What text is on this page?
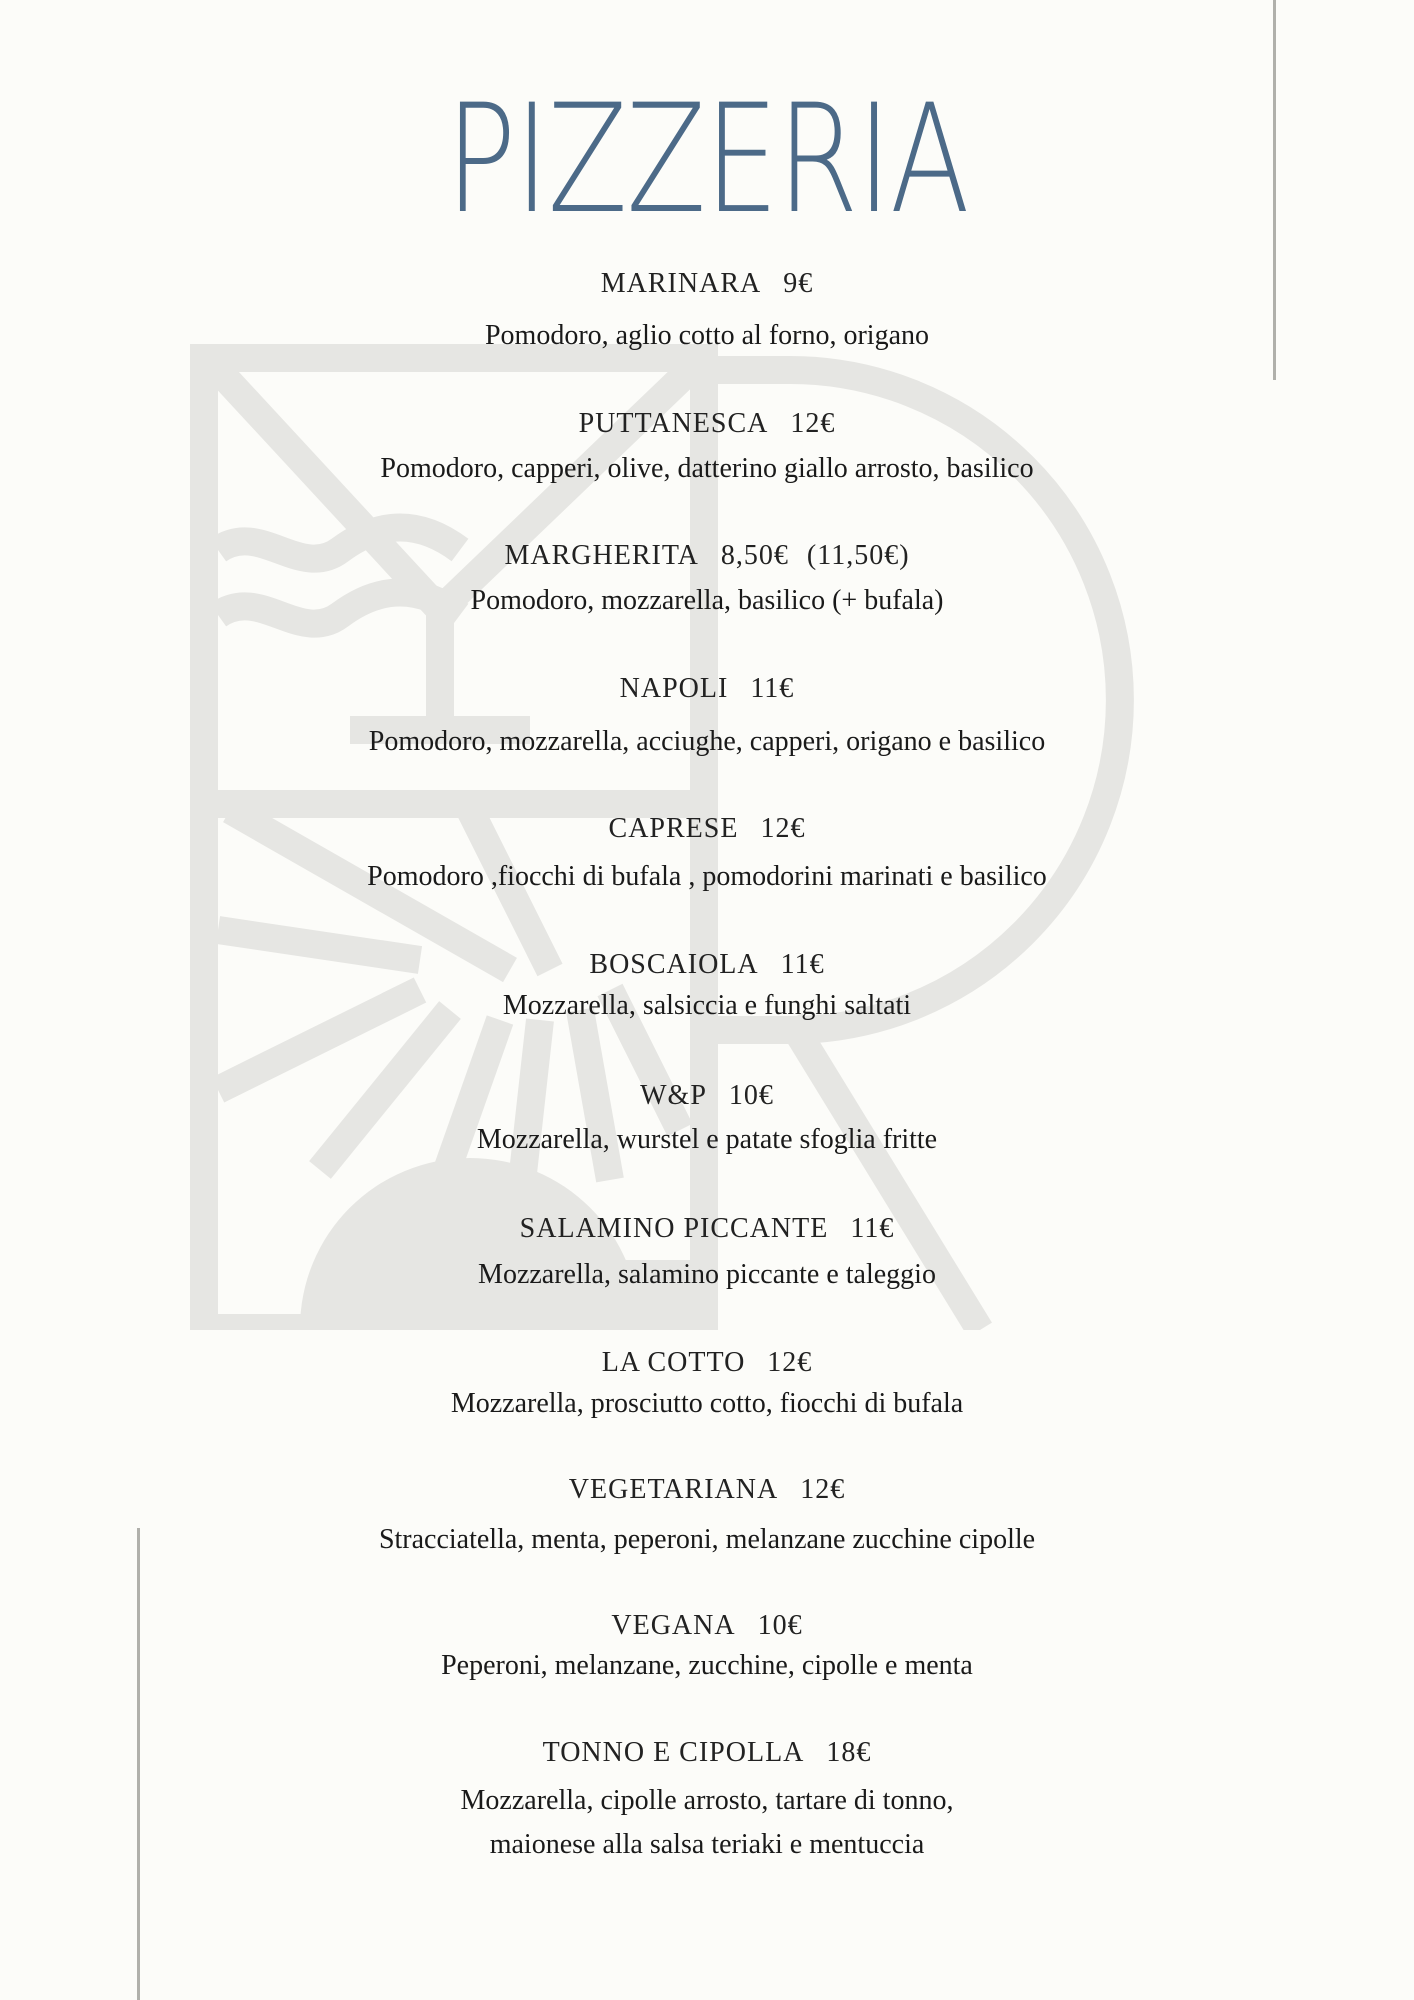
PIZZERIA
MARINARA 9€
Pomodoro, aglio cotto al forno, origano
PUTTANESCA 12€
Pomodoro, capperi, olive, datterino giallo arrosto, basilico
MARGHERITA 8,50€ (11,50€)
Pomodoro, mozzarella, basilico (+ bufala)
NAPOLI 11€
Pomodoro, mozzarella, acciughe, capperi, origano e basilico
CAPRESE 12€
Pomodoro ,fiocchi di bufala , pomodorini marinati e basilico
BOSCAIOLA 11€
Mozzarella, salsiccia e funghi saltati
W&P 10€
Mozzarella, wurstel e patate sfoglia fritte
SALAMINO PICCANTE 11€
Mozzarella, salamino piccante e taleggio
LA COTTO 12€
Mozzarella, prosciutto cotto, fiocchi di bufala
VEGETARIANA 12€
Stracciatella, menta, peperoni, melanzane zucchine cipolle
VEGANA 10€
Peperoni, melanzane, zucchine, cipolle e menta
TONNO E CIPOLLA 18€
Mozzarella, cipolle arrosto, tartare di tonno,
maionese alla salsa teriaki e mentuccia
